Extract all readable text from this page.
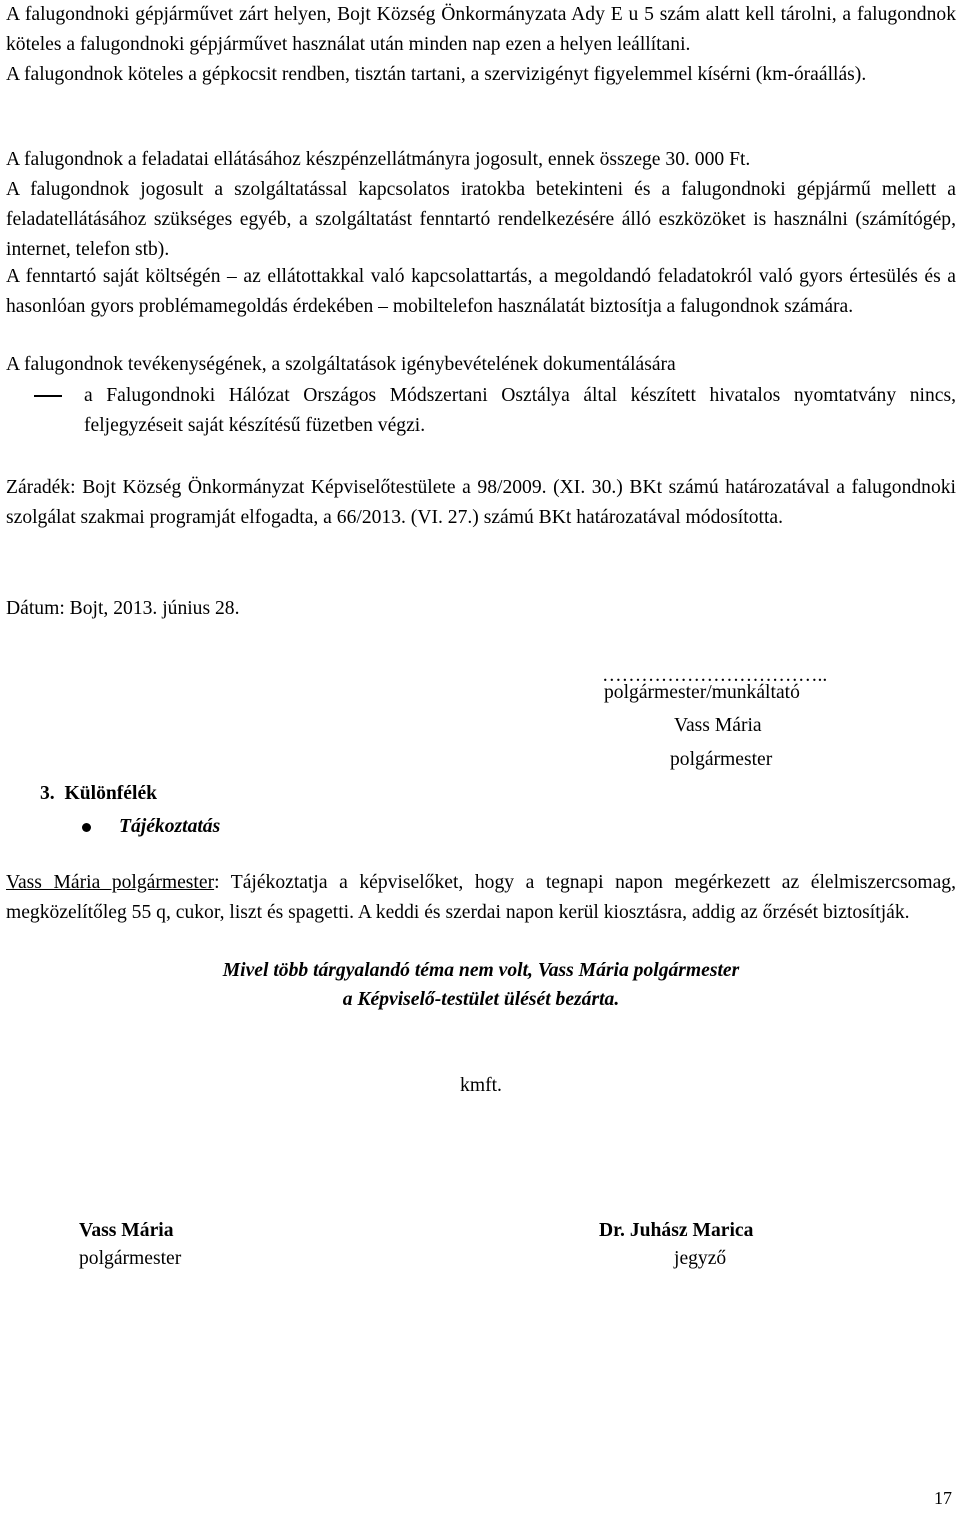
A falugondnoki gépjárművet zárt helyen, Bojt Község Önkormányzata Ady E u 5 szám alatt kell tárolni, a falugondnok köteles a falugondnoki gépjárművet használat után minden nap ezen a helyen leállítani.

A falugondnok köteles a gépkocsit rendben, tisztán tartani, a szervizigényt figyelemmel kísérni (km-óraállás).

A falugondnok a feladatai ellátásához készpénzellátmányra jogosult, ennek összege 30. 000 Ft.

A falugondnok jogosult a szolgáltatással kapcsolatos iratokba betekinteni és a falugondnoki gépjármű mellett a feladatellátásához szükséges egyéb, a szolgáltatást fenntartó rendelkezésére álló eszközöket is használni (számítógép, internet, telefon stb).

A fenntartó saját költségén – az ellátottakkal való kapcsolattartás, a megoldandó feladatokról való gyors értesülés és a hasonlóan gyors problémamegoldás érdekében – mobiltelefon használatát biztosítja a falugondnok számára.

A falugondnok tevékenységének, a szolgáltatások igénybevételének dokumentálására

a Falugondnoki Hálózat Országos Módszertani Osztálya által készített hivatalos nyomtatvány nincs, feljegyzéseit saját készítésű füzetben végzi.

Záradék: Bojt Község Önkormányzat Képviselőtestülete a 98/2009. (XI. 30.) BKt számú határozatával a falugondnoki szolgálat szakmai programját elfogadta, a 66/2013. (VI. 27.) számú BKt határozatával módosította.

Dátum: Bojt, 2013. június 28.

……………………………..
polgármester/munkáltató
Vass Mária
polgármester
3. Különfélék
Tájékoztatás

Vass Mária polgármester: Tájékoztatja a képviselőket, hogy a tegnapi napon megérkezett az élelmiszercsomag, megközelítőleg 55 q, cukor, liszt és spagetti. A keddi és szerdai napon kerül kiosztásra, addig az őrzését biztosítják.

Mivel több tárgyalandó téma nem volt, Vass Mária polgármester
a Képviselő-testület ülését bezárta.
kmft.
Vass Mária
polgármester
Dr. Juhász Marica
jegyző
17
